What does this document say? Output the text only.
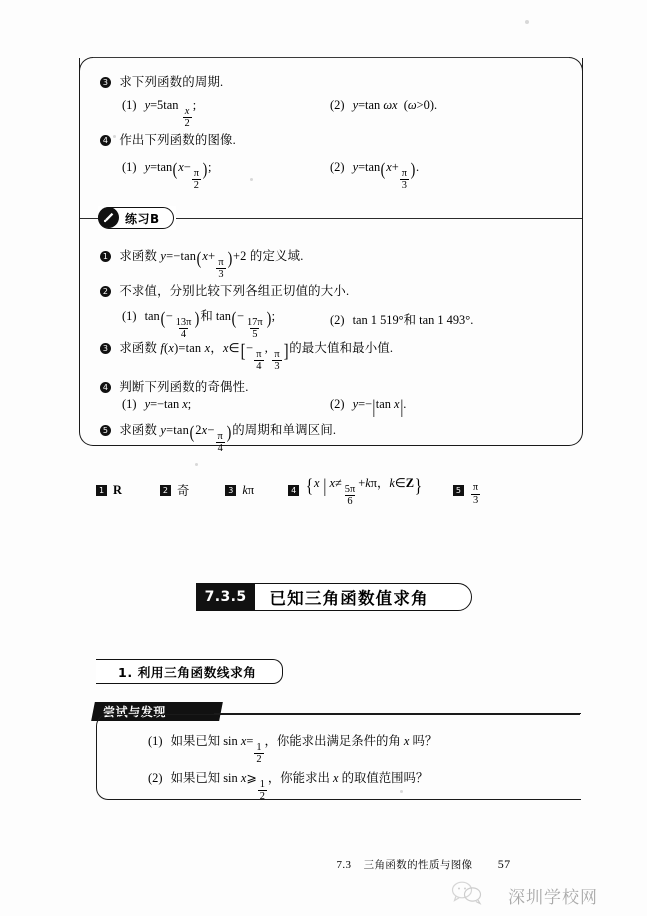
3 求下列函数的周期.
(1) y=5tan
$\frac{x}{2}$
;	(2) y=tan ωx (ω>0).
4 作出下列函数的图像.
(1) y=tan(x−
$\frac{\pi}{2}$ );	(2) y=tan(x+
$\frac{\pi}{3}$ ).
练习B
1 求函数 y=−tan(x+
$\frac{\pi}{3} )+2$ 的定义域.
2 不求值，分别比较下列各组正切值的大小.
(1) tan(−
$\frac{13\pi}{4}$ )和 tan(−
$\frac{17\pi}{5}$ );	(2) tan 1 519°和 tan 1 493°.
3 求函数 f(x)=tan x，x∈[−
$\frac{\pi}{4}$
,
$\frac{\pi}{3}$ ]的最大值和最小值.
4 判断下列函数的奇偶性.
(1) y=−tan x;	(2) y=−|tan x|.
5 求函数 y=tan(2x−
$\frac{\pi}{4}$ )的周期和单调区间.
1 R	2 奇	3 kπ	4 {x | x≠
$\frac{5\pi}{6}$
+kπ，k∈Z}	$5 \frac{\pi}{3}$
7.3.5	已知三角函数值求角
1. 利用三角函数线求角
尝试与发现
(1) 如果已知 sin x=
$\frac{1}{2}$
，你能求出满足条件的角 x 吗？
(2) 如果已知 sin x⩾
$\frac{1}{2}$
，你能求出 x 的取值范围吗？
7.3 三角函数的性质与图像 57
深圳学校网
